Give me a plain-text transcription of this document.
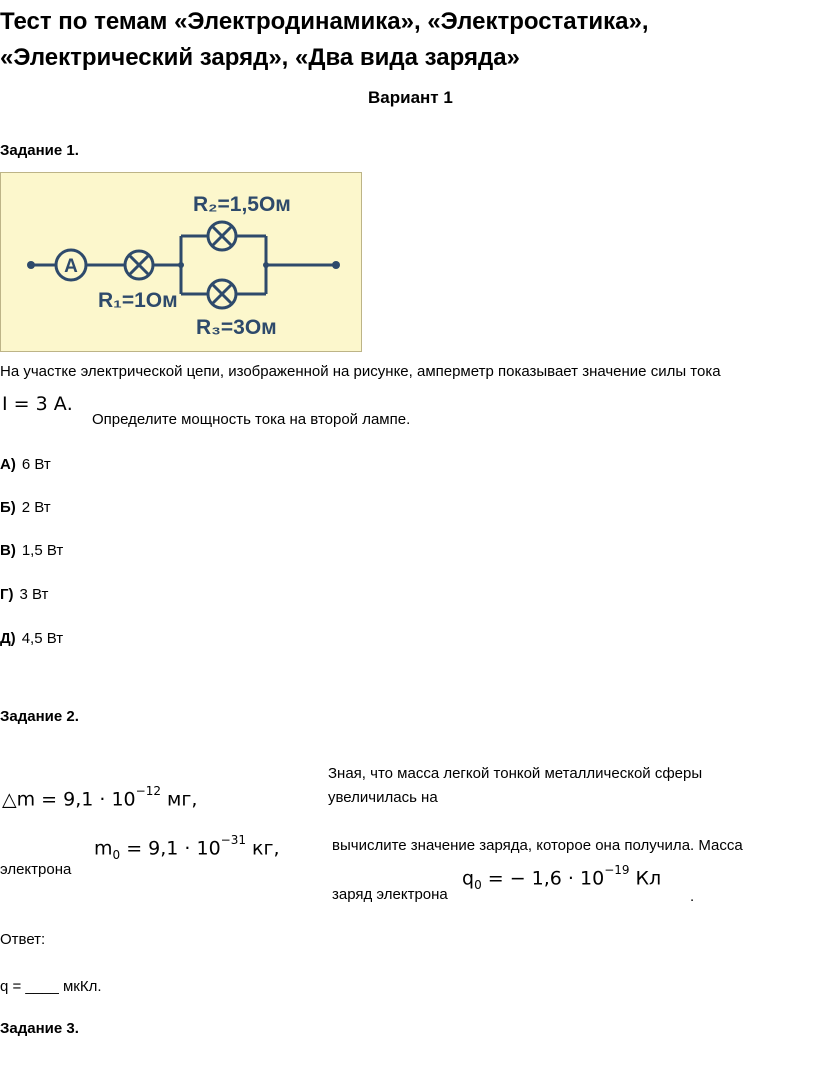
Тест по темам «Электродинамика», «Электростатика»,
«Электрический заряд», «Два вида заряда»
Вариант 1
Задание 1.
A
R₂=1,5Ом
R₁=1Ом
R₃=3Ом
На участке электрической цепи, изображенной на рисунке, амперметр показывает значение силы тока
I = 3 А.
Определите мощность тока на второй лампе.
А) 6 Вт
Б) 2 Вт
В) 1,5 Вт
Г) 3 Вт
Д) 4,5 Вт
Задание 2.
Зная, что масса легкой тонкой металлической сферы
увеличилась на
△m = $9,1 \cdot 10^{-12}$ мг,
$m_0 = 9,1 \cdot 10^{-31}$ кг,	вычислите значение заряда, которое она получила. Масса
электрона
заряд электрона
$q_0$ = − $1,6 \cdot 10^{-19}$ Кл
.
Ответ:
q = ____ мкКл.
Задание 3.
